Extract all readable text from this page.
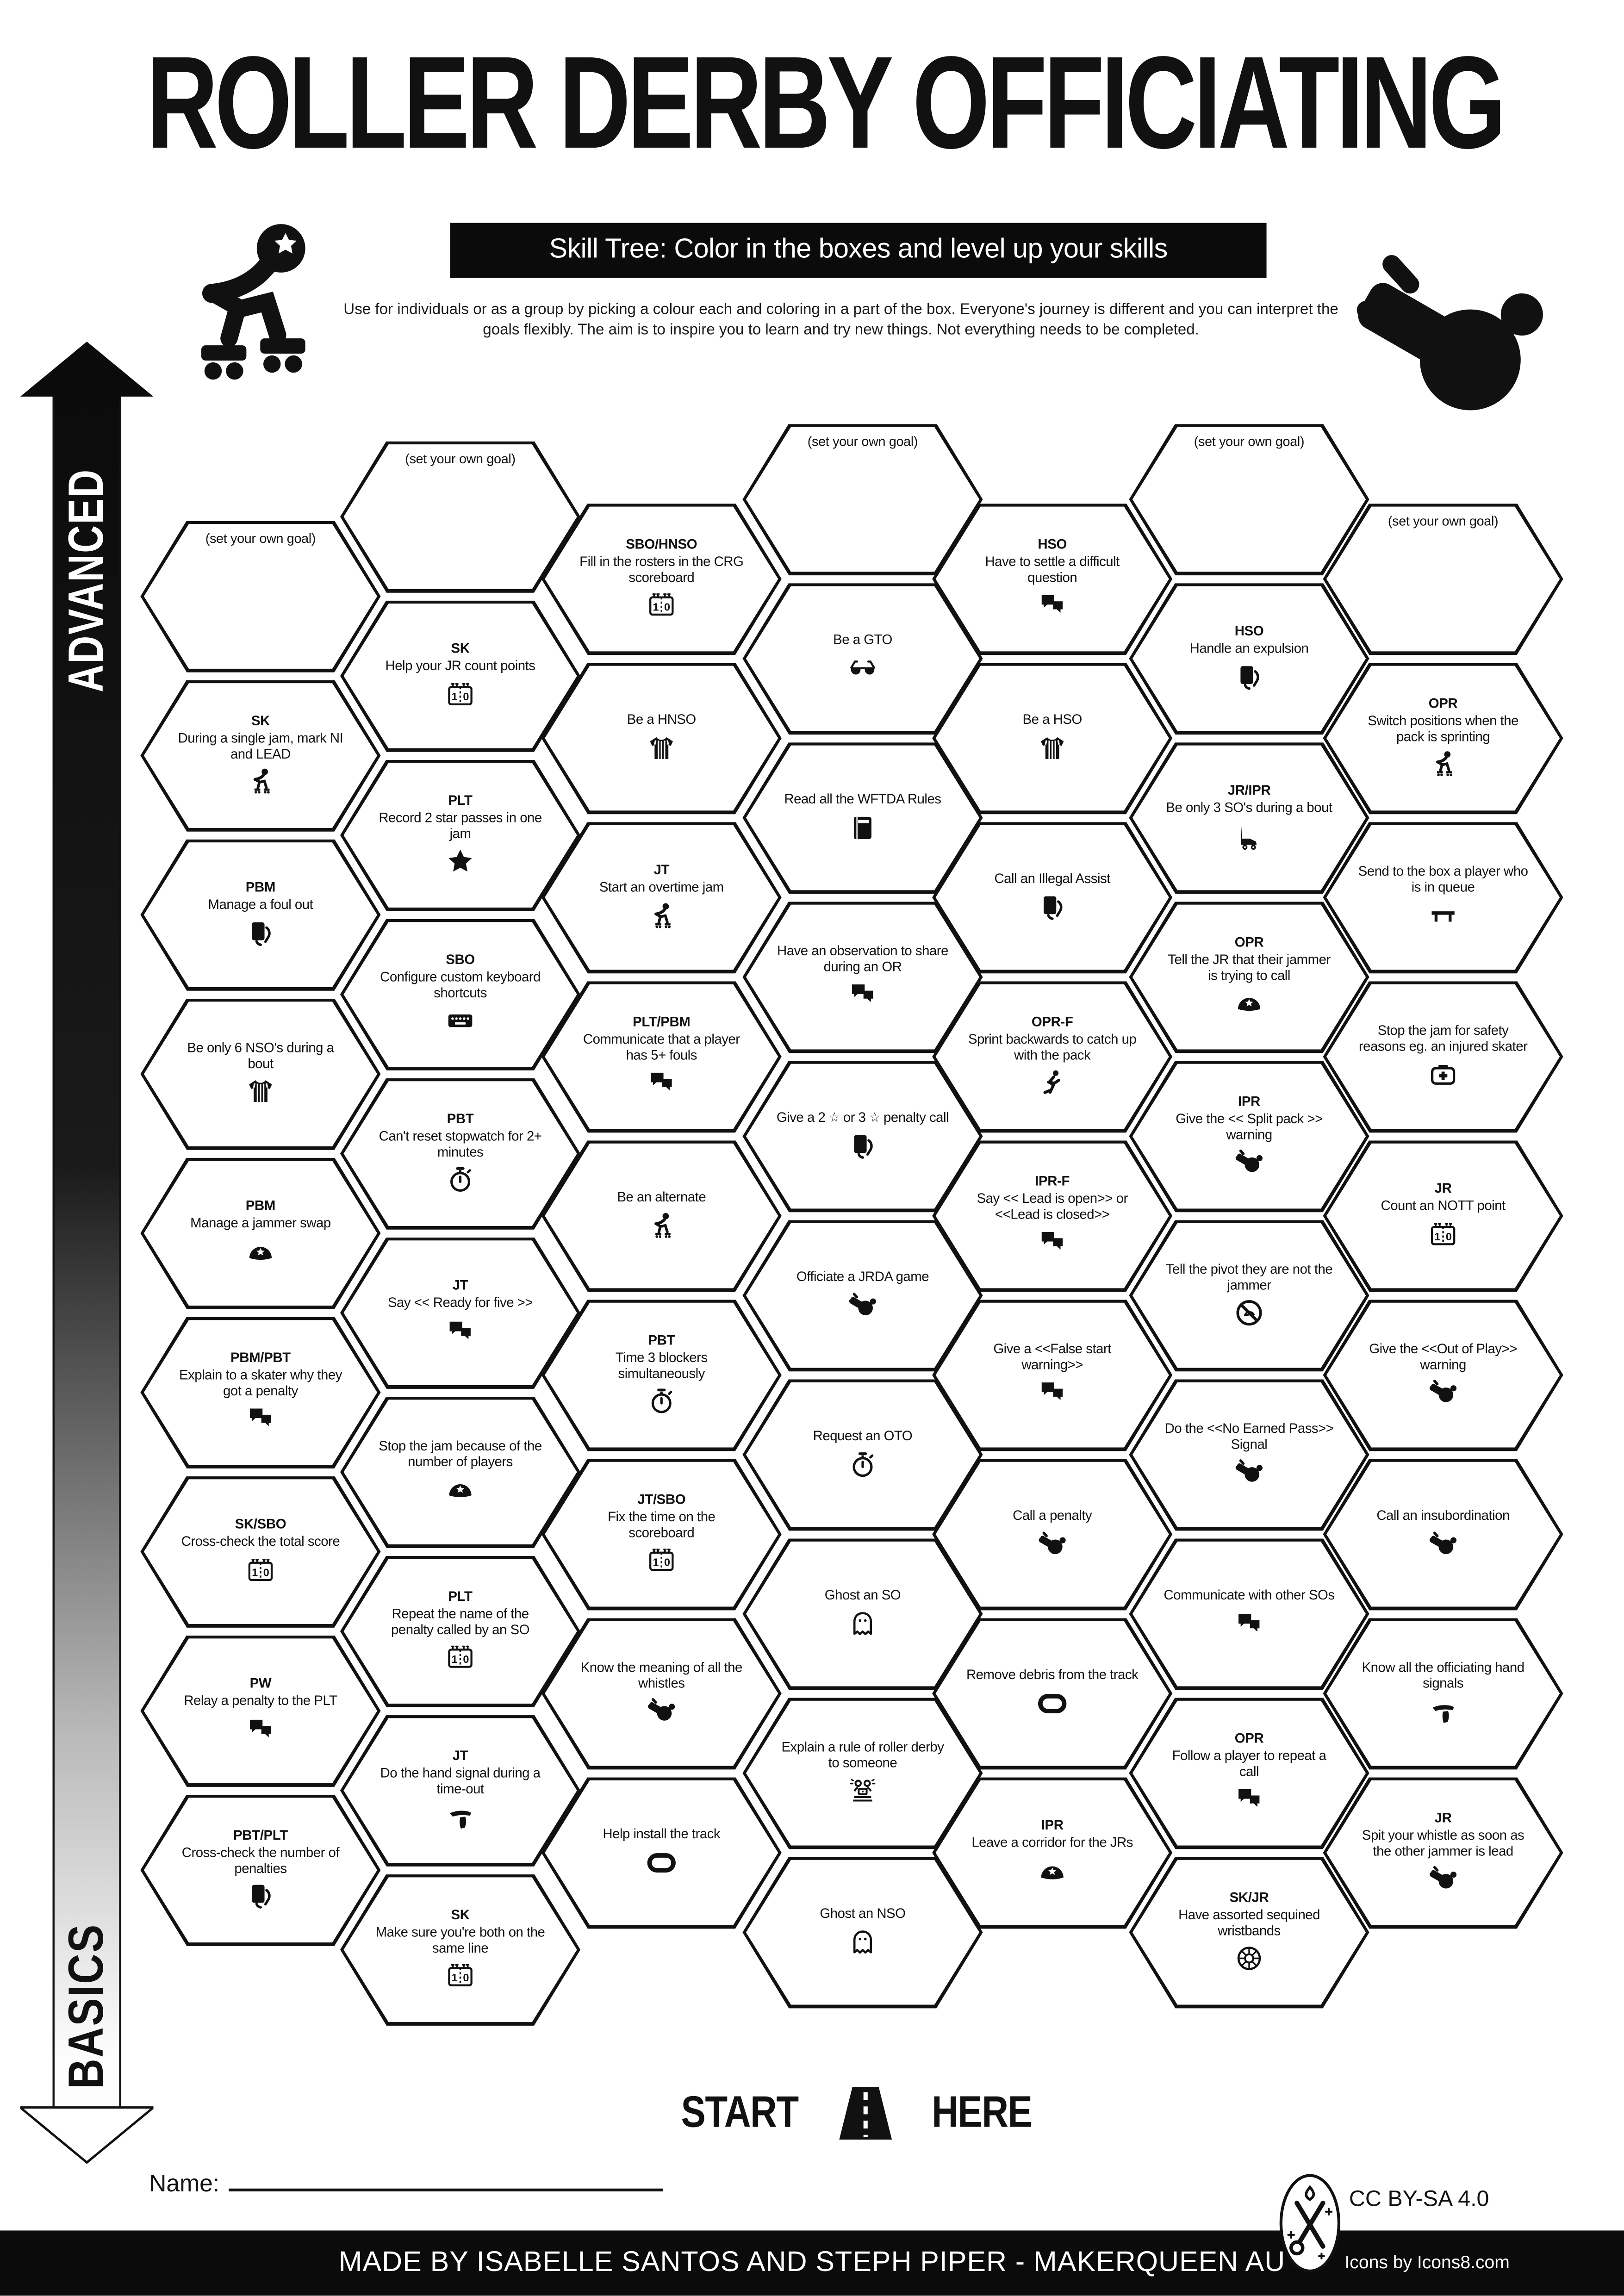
ROLLER DERBY OFFICIATING
Skill Tree: Color in the boxes and level up your skills
Use for individuals or as a group by picking a colour each and coloring in a part of the box. Everyone's journey is different and you can interpret the goals flexibly. The aim is to inspire you to learn and try new things. Not everything needs to be completed.
ADVANCED
BASICS
(set your own goal)
SK
During a single jam, mark NI and LEAD
PBM
Manage a foul out
Be only 6 NSO's during a bout
PBM
Manage a jammer swap
PBM/PBT
Explain to a skater why they got a penalty
SK/SBO
Cross-check the total score
PW
Relay a penalty to the PLT
PBT/PLT
Cross-check the number of penalties
(set your own goal)
SK
Help your JR count points
PLT
Record 2 star passes in one jam
SBO
Configure custom keyboard shortcuts
PBT
Can't reset stopwatch for 2+ minutes
JT
Say << Ready for five >>
Stop the jam because of the number of players
PLT
Repeat the name of the penalty called by an SO
JT
Do the hand signal during a time-out
SK
Make sure you're both on the same line
SBO/HNSO
Fill in the rosters in the CRG scoreboard
Be a HNSO
JT
Start an overtime jam
PLT/PBM
Communicate that a player has 5+ fouls
Be an alternate
PBT
Time 3 blockers simultaneously
JT/SBO
Fix the time on the scoreboard
Know the meaning of all the whistles
Help install the track
(set your own goal)
Be a GTO
Read all the WFTDA Rules
Have an observation to share during an OR
Give a 2 ☆ or 3 ☆ penalty call
Officiate a JRDA game
Request an OTO
Ghost an SO
Explain a rule of roller derby to someone
Ghost an NSO
HSO
Have to settle a difficult question
Be a HSO
Call an Illegal Assist
OPR-F
Sprint backwards to catch up with the pack
IPR-F
Say << Lead is open>> or <<Lead is closed>>
Give a <<False start warning>>
Call a penalty
Remove debris from the track
IPR
Leave a corridor for the JRs
(set your own goal)
HSO
Handle an expulsion
JR/IPR
Be only 3 SO's during a bout
OPR
Tell the JR that their jammer is trying to call
IPR
Give the << Split pack >> warning
Tell the pivot they are not the jammer
Do the <<No Earned Pass>> Signal
Communicate with other SOs
OPR
Follow a player to repeat a call
SK/JR
Have assorted sequined wristbands
(set your own goal)
OPR
Switch positions when the pack is sprinting
Send to the box a player who is in queue
Stop the jam for safety reasons eg. an injured skater
JR
Count an NOTT point
Give the <<Out of Play>> warning
Call an insubordination
Know all the officiating hand signals
JR
Spit your whistle as soon as the other jammer is lead
START	HERE
Name:
CC BY-SA 4.0
Icons by Icons8.com
MADE BY ISABELLE SANTOS AND STEPH PIPER - MAKERQUEEN AU
